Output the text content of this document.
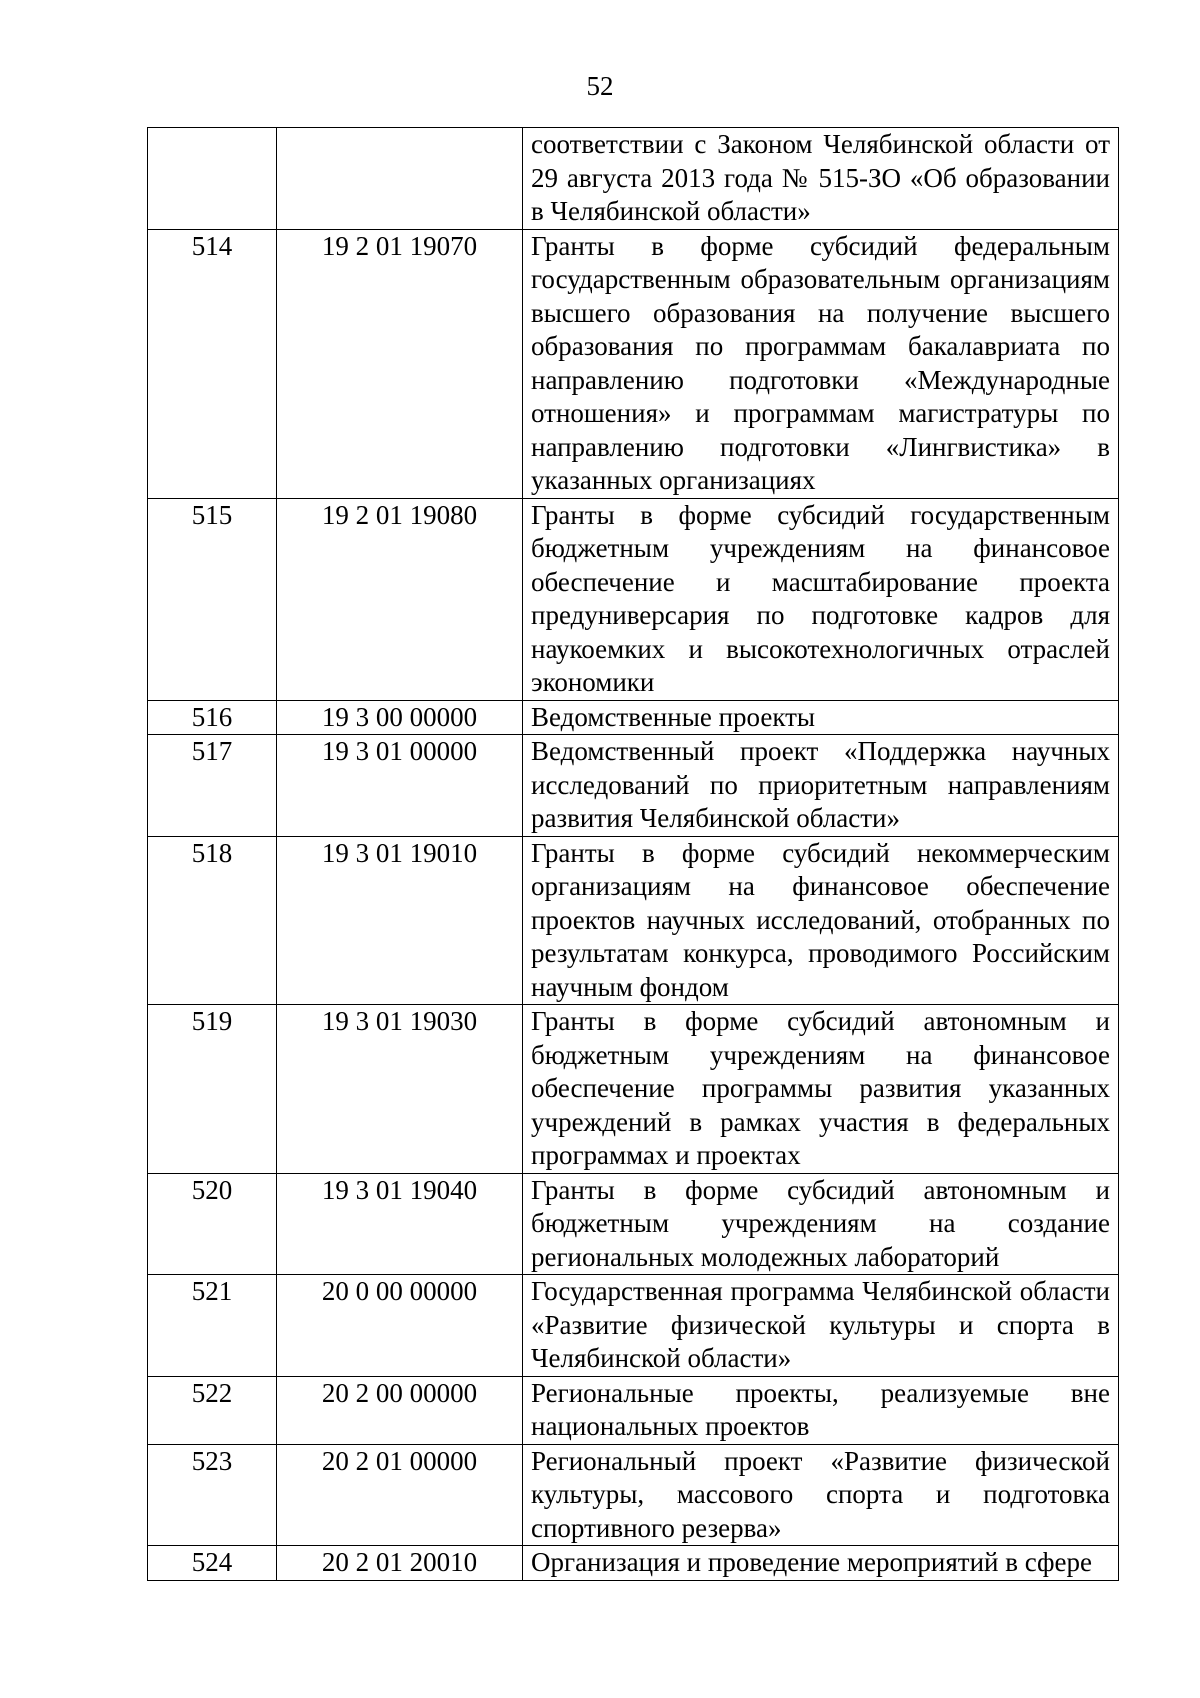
52
		соответствии с Законом Челябинской области от 29 августа 2013 года № 515-ЗО «Об образовании в Челябинской области»
514	19 2 01 19070	Гранты в форме субсидий федеральным государственным образовательным организациям высшего образования на получение высшего образования по программам бакалавриата по направлению подготовки «Международные отношения» и программам магистратуры по направлению подготовки «Лингвистика» в указанных организациях
515	19 2 01 19080	Гранты в форме субсидий государственным бюджетным учреждениям на финансовое обеспечение и масштабирование проекта предуниверсария по подготовке кадров для наукоемких и высокотехнологичных отраслей экономики
516	19 3 00 00000	Ведомственные проекты
517	19 3 01 00000	Ведомственный проект «Поддержка научных исследований по приоритетным направлениям развития Челябинской области»
518	19 3 01 19010	Гранты в форме субсидий некоммерческим организациям на финансовое обеспечение проектов научных исследований, отобранных по результатам конкурса, проводимого Российским научным фондом
519	19 3 01 19030	Гранты в форме субсидий автономным и бюджетным учреждениям на финансовое обеспечение программы развития указанных учреждений в рамках участия в федеральных программах и проектах
520	19 3 01 19040	Гранты в форме субсидий автономным и бюджетным учреждениям на создание региональных молодежных лабораторий
521	20 0 00 00000	Государственная программа Челябинской области «Развитие физической культуры и спорта в Челябинской области»
522	20 2 00 00000	Региональные проекты, реализуемые вне национальных проектов
523	20 2 01 00000	Региональный проект «Развитие физической культуры, массового спорта и подготовка спортивного резерва»
524	20 2 01 20010	Организация и проведение мероприятий в сфере
